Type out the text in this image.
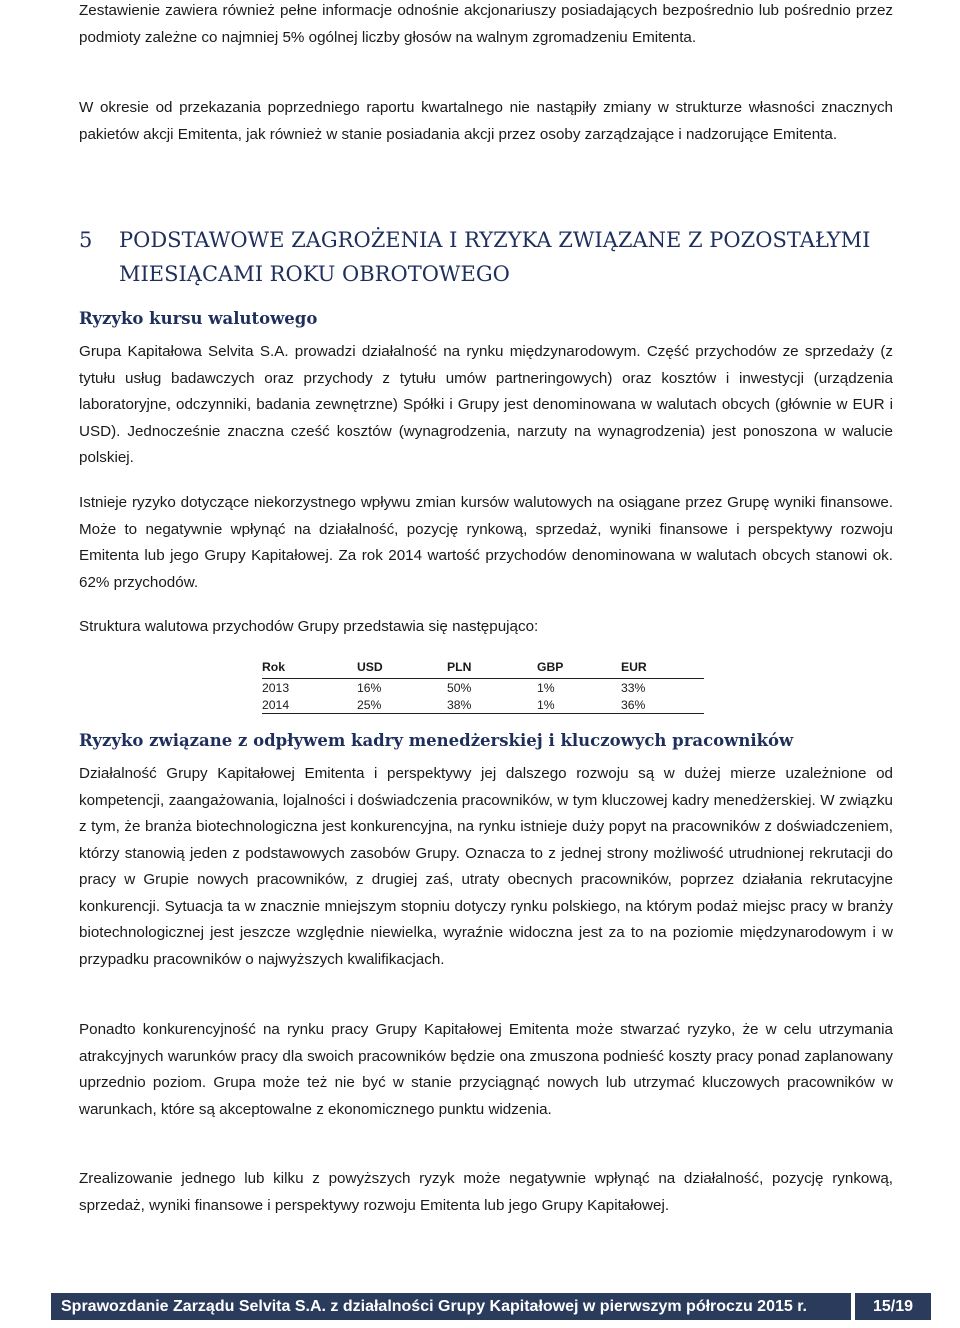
Zestawienie zawiera również pełne informacje odnośnie akcjonariuszy posiadających bezpośrednio lub pośrednio przez podmioty zależne co najmniej 5% ogólnej liczby głosów na walnym zgromadzeniu Emitenta.

W okresie od przekazania poprzedniego raportu kwartalnego nie nastąpiły zmiany w strukturze własności znacznych pakietów akcji Emitenta, jak również w stanie posiadania akcji przez osoby zarządzające i nadzorujące Emitenta.

5	PODSTAWOWE ZAGROŻENIA I RYZYKA ZWIĄZANE Z POZOSTAŁYMI MIESIĄCAMI ROKU OBROTOWEGO
Ryzyko kursu walutowego

Grupa Kapitałowa Selvita S.A. prowadzi działalność na rynku międzynarodowym. Część przychodów ze sprzedaży (z tytułu usług badawczych oraz przychody z tytułu umów partneringowych) oraz kosztów i inwestycji (urządzenia laboratoryjne, odczynniki, badania zewnętrzne) Spółki i Grupy jest denominowana w walutach obcych (głównie w EUR i USD). Jednocześnie znaczna cześć kosztów (wynagrodzenia, narzuty na wynagrodzenia) jest ponoszona w walucie polskiej.

Istnieje ryzyko dotyczące niekorzystnego wpływu zmian kursów walutowych na osiągane przez Grupę wyniki finansowe. Może to negatywnie wpłynąć na działalność, pozycję rynkową, sprzedaż, wyniki finansowe i perspektywy rozwoju Emitenta lub jego Grupy Kapitałowej. Za rok 2014 wartość przychodów denominowana w walutach obcych stanowi ok. 62% przychodów.

Struktura walutowa przychodów Grupy przedstawia się następująco:

Rok	USD	PLN	GBP	EUR
2013	16%	50%	1%	33%
2014	25%	38%	1%	36%
Ryzyko związane z odpływem kadry menedżerskiej i kluczowych pracowników

Działalność Grupy Kapitałowej Emitenta i perspektywy jej dalszego rozwoju są w dużej mierze uzależnione od kompetencji, zaangażowania, lojalności i doświadczenia pracowników, w tym kluczowej kadry menedżerskiej. W związku z tym, że branża biotechnologiczna jest konkurencyjna, na rynku istnieje duży popyt na pracowników z doświadczeniem, którzy stanowią jeden z podstawowych zasobów Grupy. Oznacza to z jednej strony możliwość utrudnionej rekrutacji do pracy w Grupie nowych pracowników, z drugiej zaś, utraty obecnych pracowników, poprzez działania rekrutacyjne konkurencji. Sytuacja ta w znacznie mniejszym stopniu dotyczy rynku polskiego, na którym podaż miejsc pracy w branży biotechnologicznej jest jeszcze względnie niewielka, wyraźnie widoczna jest za to na poziomie międzynarodowym i w przypadku pracowników o najwyższych kwalifikacjach.

Ponadto konkurencyjność na rynku pracy Grupy Kapitałowej Emitenta może stwarzać ryzyko, że w celu utrzymania atrakcyjnych warunków pracy dla swoich pracowników będzie ona zmuszona podnieść koszty pracy ponad zaplanowany uprzednio poziom. Grupa może też nie być w stanie przyciągnąć nowych lub utrzymać kluczowych pracowników w warunkach, które są akceptowalne z ekonomicznego punktu widzenia.

Zrealizowanie jednego lub kilku z powyższych ryzyk może negatywnie wpłynąć na działalność, pozycję rynkową, sprzedaż, wyniki finansowe i perspektywy rozwoju Emitenta lub jego Grupy Kapitałowej.

Sprawozdanie Zarządu Selvita S.A. z działalności Grupy Kapitałowej w pierwszym półroczu 2015 r.	15/19
